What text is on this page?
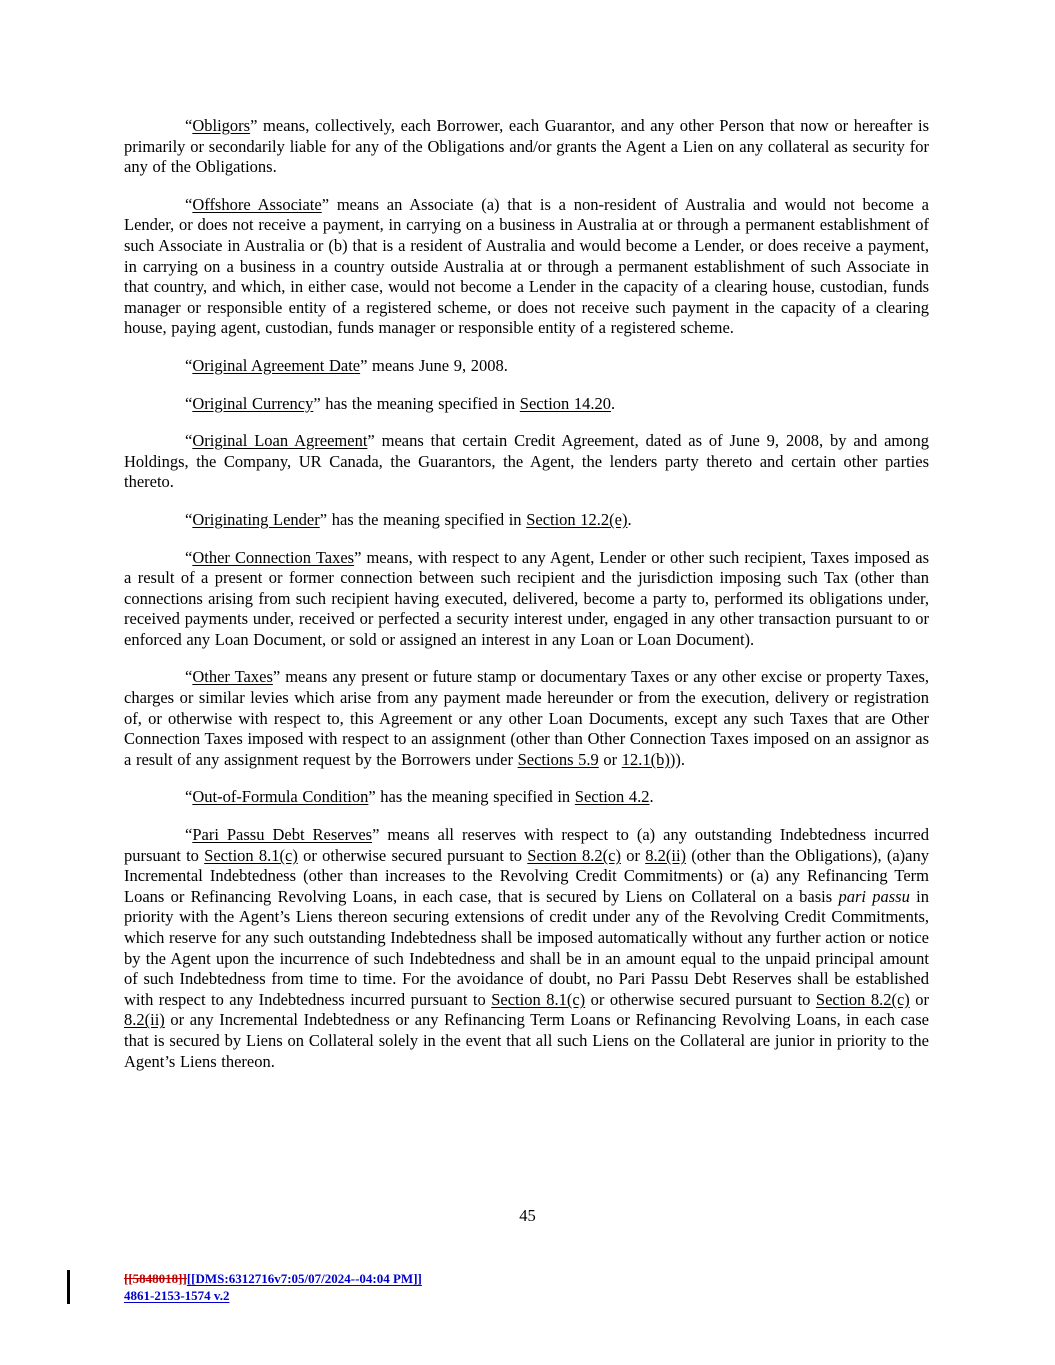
“Obligors” means, collectively, each Borrower, each Guarantor, and any other Person that now or hereafter is primarily or secondarily liable for any of the Obligations and/or grants the Agent a Lien on any collateral as security for any of the Obligations.

“Offshore Associate” means an Associate (a) that is a non-resident of Australia and would not become a Lender, or does not receive a payment, in carrying on a business in Australia at or through a permanent establishment of such Associate in Australia or (b) that is a resident of Australia and would become a Lender, or does receive a payment, in carrying on a business in a country outside Australia at or through a permanent establishment of such Associate in that country, and which, in either case, would not become a Lender in the capacity of a clearing house, custodian, funds manager or responsible entity of a registered scheme, or does not receive such payment in the capacity of a clearing house, paying agent, custodian, funds manager or responsible entity of a registered scheme.

“Original Agreement Date” means June 9, 2008.

“Original Currency” has the meaning specified in Section 14.20.

“Original Loan Agreement” means that certain Credit Agreement, dated as of June 9, 2008, by and among Holdings, the Company, UR Canada, the Guarantors, the Agent, the lenders party thereto and certain other parties thereto.

“Originating Lender” has the meaning specified in Section 12.2(e).

“Other Connection Taxes” means, with respect to any Agent, Lender or other such recipient, Taxes imposed as a result of a present or former connection between such recipient and the jurisdiction imposing such Tax (other than connections arising from such recipient having executed, delivered, become a party to, performed its obligations under, received payments under, received or perfected a security interest under, engaged in any other transaction pursuant to or enforced any Loan Document, or sold or assigned an interest in any Loan or Loan Document).

“Other Taxes” means any present or future stamp or documentary Taxes or any other excise or property Taxes, charges or similar levies which arise from any payment made hereunder or from the execution, delivery or registration of, or otherwise with respect to, this Agreement or any other Loan Documents, except any such Taxes that are Other Connection Taxes imposed with respect to an assignment (other than Other Connection Taxes imposed on an assignor as a result of any assignment request by the Borrowers under Sections 5.9 or 12.1(b))).

“Out-of-Formula Condition” has the meaning specified in Section 4.2.

“Pari Passu Debt Reserves” means all reserves with respect to (a) any outstanding Indebtedness incurred pursuant to Section 8.1(c) or otherwise secured pursuant to Section 8.2(c) or 8.2(ii) (other than the Obligations), (a)any Incremental Indebtedness (other than increases to the Revolving Credit Commitments) or (a) any Refinancing Term Loans or Refinancing Revolving Loans, in each case, that is secured by Liens on Collateral on a basis pari passu in priority with the Agent’s Liens thereon securing extensions of credit under any of the Revolving Credit Commitments, which reserve for any such outstanding Indebtedness shall be imposed automatically without any further action or notice by the Agent upon the incurrence of such Indebtedness and shall be in an amount equal to the unpaid principal amount of such Indebtedness from time to time. For the avoidance of doubt, no Pari Passu Debt Reserves shall be established with respect to any Indebtedness incurred pursuant to Section 8.1(c) or otherwise secured pursuant to Section 8.2(c) or 8.2(ii) or any Incremental Indebtedness or any Refinancing Term Loans or Refinancing Revolving Loans, in each case that is secured by Liens on Collateral solely in the event that all such Liens on the Collateral are junior in priority to the Agent’s Liens thereon.

45
[[5848018]][[DMS:6312716v7:05/07/2024--04:04 PM]]
4861-2153-1574 v.2
